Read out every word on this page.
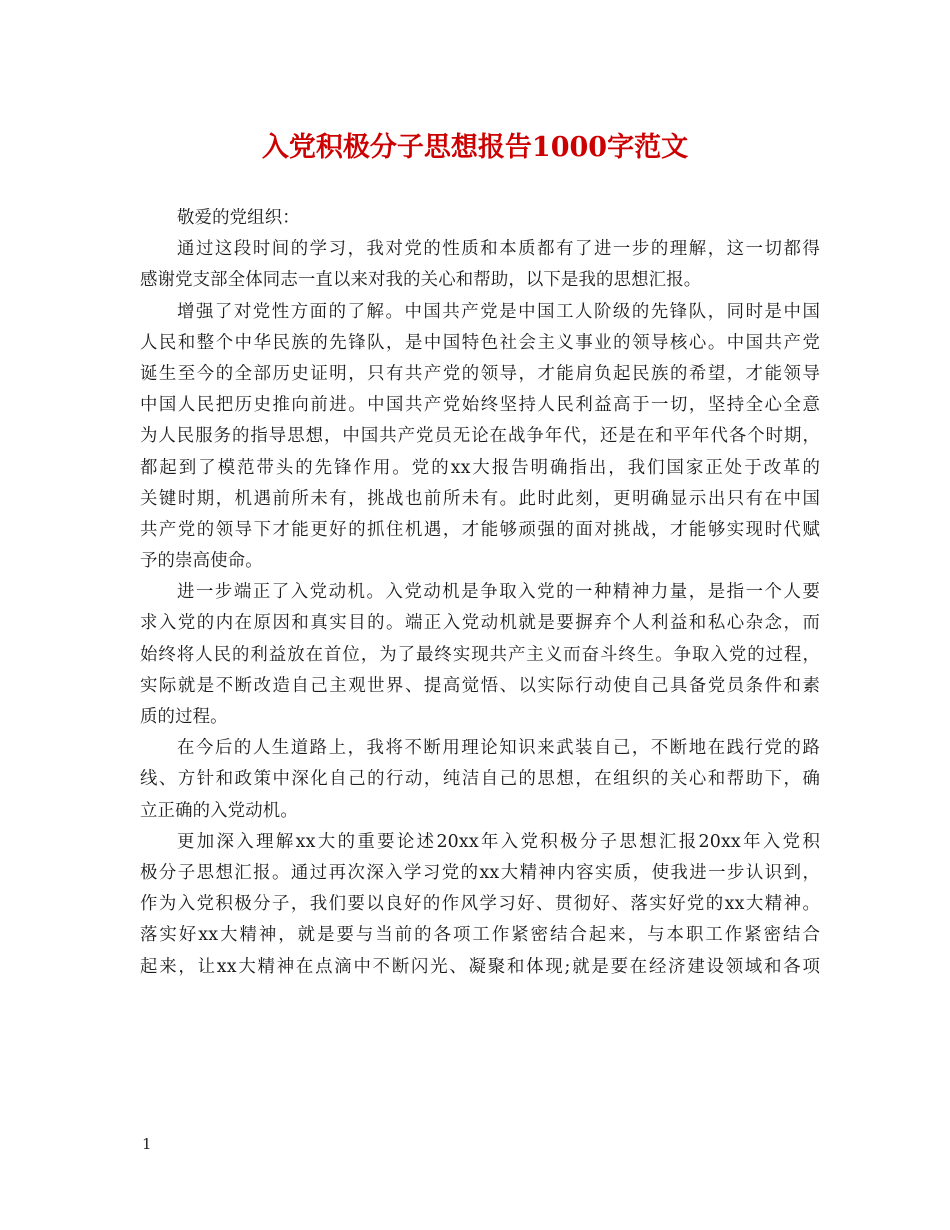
入党积极分子思想报告1000字范文
敬爱的党组织：
通过这段时间的学习，我对党的性质和本质都有了进一步的理解，这一切都得
感谢党支部全体同志一直以来对我的关心和帮助，以下是我的思想汇报。
增强了对党性方面的了解。中国共产党是中国工人阶级的先锋队，同时是中国
人民和整个中华民族的先锋队，是中国特色社会主义事业的领导核心。中国共产党
诞生至今的全部历史证明，只有共产党的领导，才能肩负起民族的希望，才能领导
中国人民把历史推向前进。中国共产党始终坚持人民利益高于一切，坚持全心全意
为人民服务的指导思想，中国共产党员无论在战争年代，还是在和平年代各个时期，
都起到了模范带头的先锋作用。党的xx大报告明确指出，我们国家正处于改革的
关键时期，机遇前所未有，挑战也前所未有。此时此刻，更明确显示出只有在中国
共产党的领导下才能更好的抓住机遇，才能够顽强的面对挑战，才能够实现时代赋
予的崇高使命。
进一步端正了入党动机。入党动机是争取入党的一种精神力量，是指一个人要
求入党的内在原因和真实目的。端正入党动机就是要摒弃个人利益和私心杂念，而
始终将人民的利益放在首位，为了最终实现共产主义而奋斗终生。争取入党的过程，
实际就是不断改造自己主观世界、提高觉悟、以实际行动使自己具备党员条件和素
质的过程。
在今后的人生道路上，我将不断用理论知识来武装自己，不断地在践行党的路
线、方针和政策中深化自己的行动，纯洁自己的思想，在组织的关心和帮助下，确
立正确的入党动机。
更加深入理解xx大的重要论述20xx年入党积极分子思想汇报20xx年入党积
极分子思想汇报。通过再次深入学习党的xx大精神内容实质，使我进一步认识到，
作为入党积极分子，我们要以良好的作风学习好、贯彻好、落实好党的xx大精神。
落实好xx大精神，就是要与当前的各项工作紧密结合起来，与本职工作紧密结合
起来，让xx大精神在点滴中不断闪光、凝聚和体现;就是要在经济建设领域和各项
1
